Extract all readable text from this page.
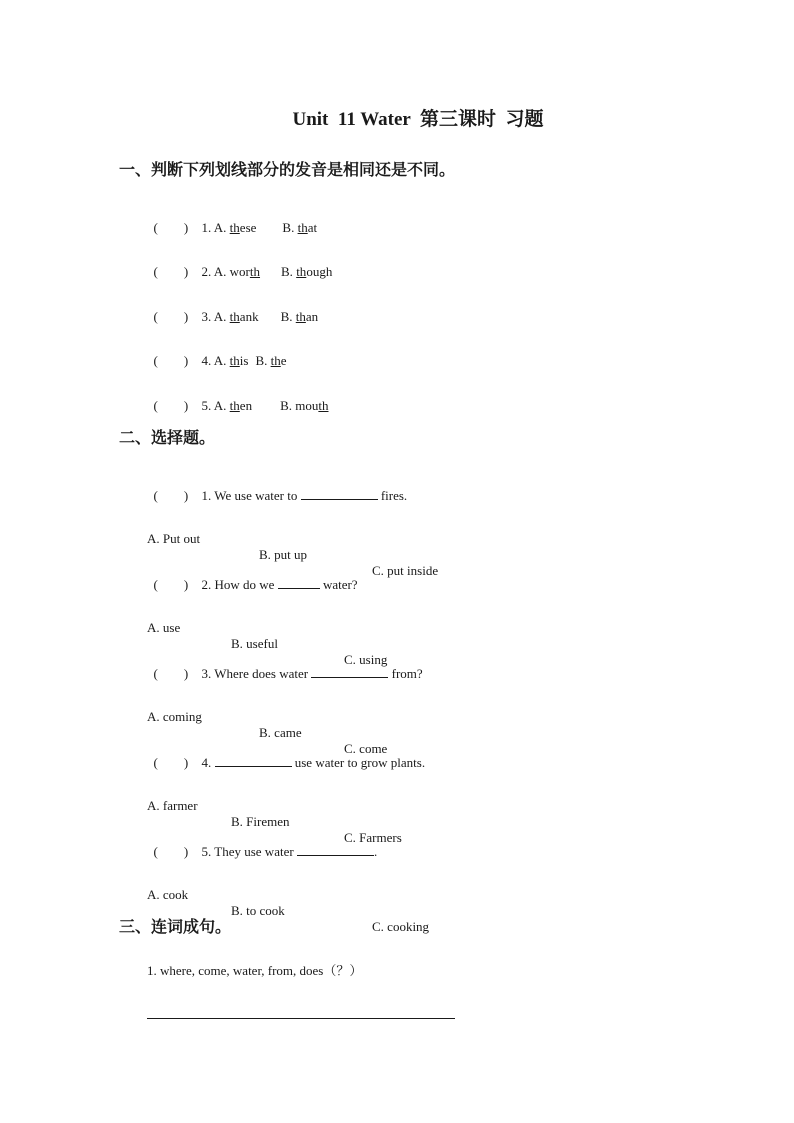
Unit  11 Water  第三课时  习题
一、判断下列划线部分的发音是相同还是不同。

(        ) 1. A. these B. that

(        ) 2. A. worth B. though

(        ) 3. A. thank B. than

(        ) 4. A. this B. the

(        ) 5. A. then B. mouth

二、选择题。

(        ) 1. We use water to	fires.

A. Put out

B. put up

C. put inside

(        ) 2. How do we	water?

A. use

B. useful

C. using

(        ) 3. Where does water	from?

A. coming

B. came

C. come

(        ) 4.	use water to grow plants.

A. farmer

B. Firemen

C. Farmers

(        ) 5. They use water	.

A. cook

B. to cook

C. cooking

三、连词成句。
1. where, come, water, from, does（？）
